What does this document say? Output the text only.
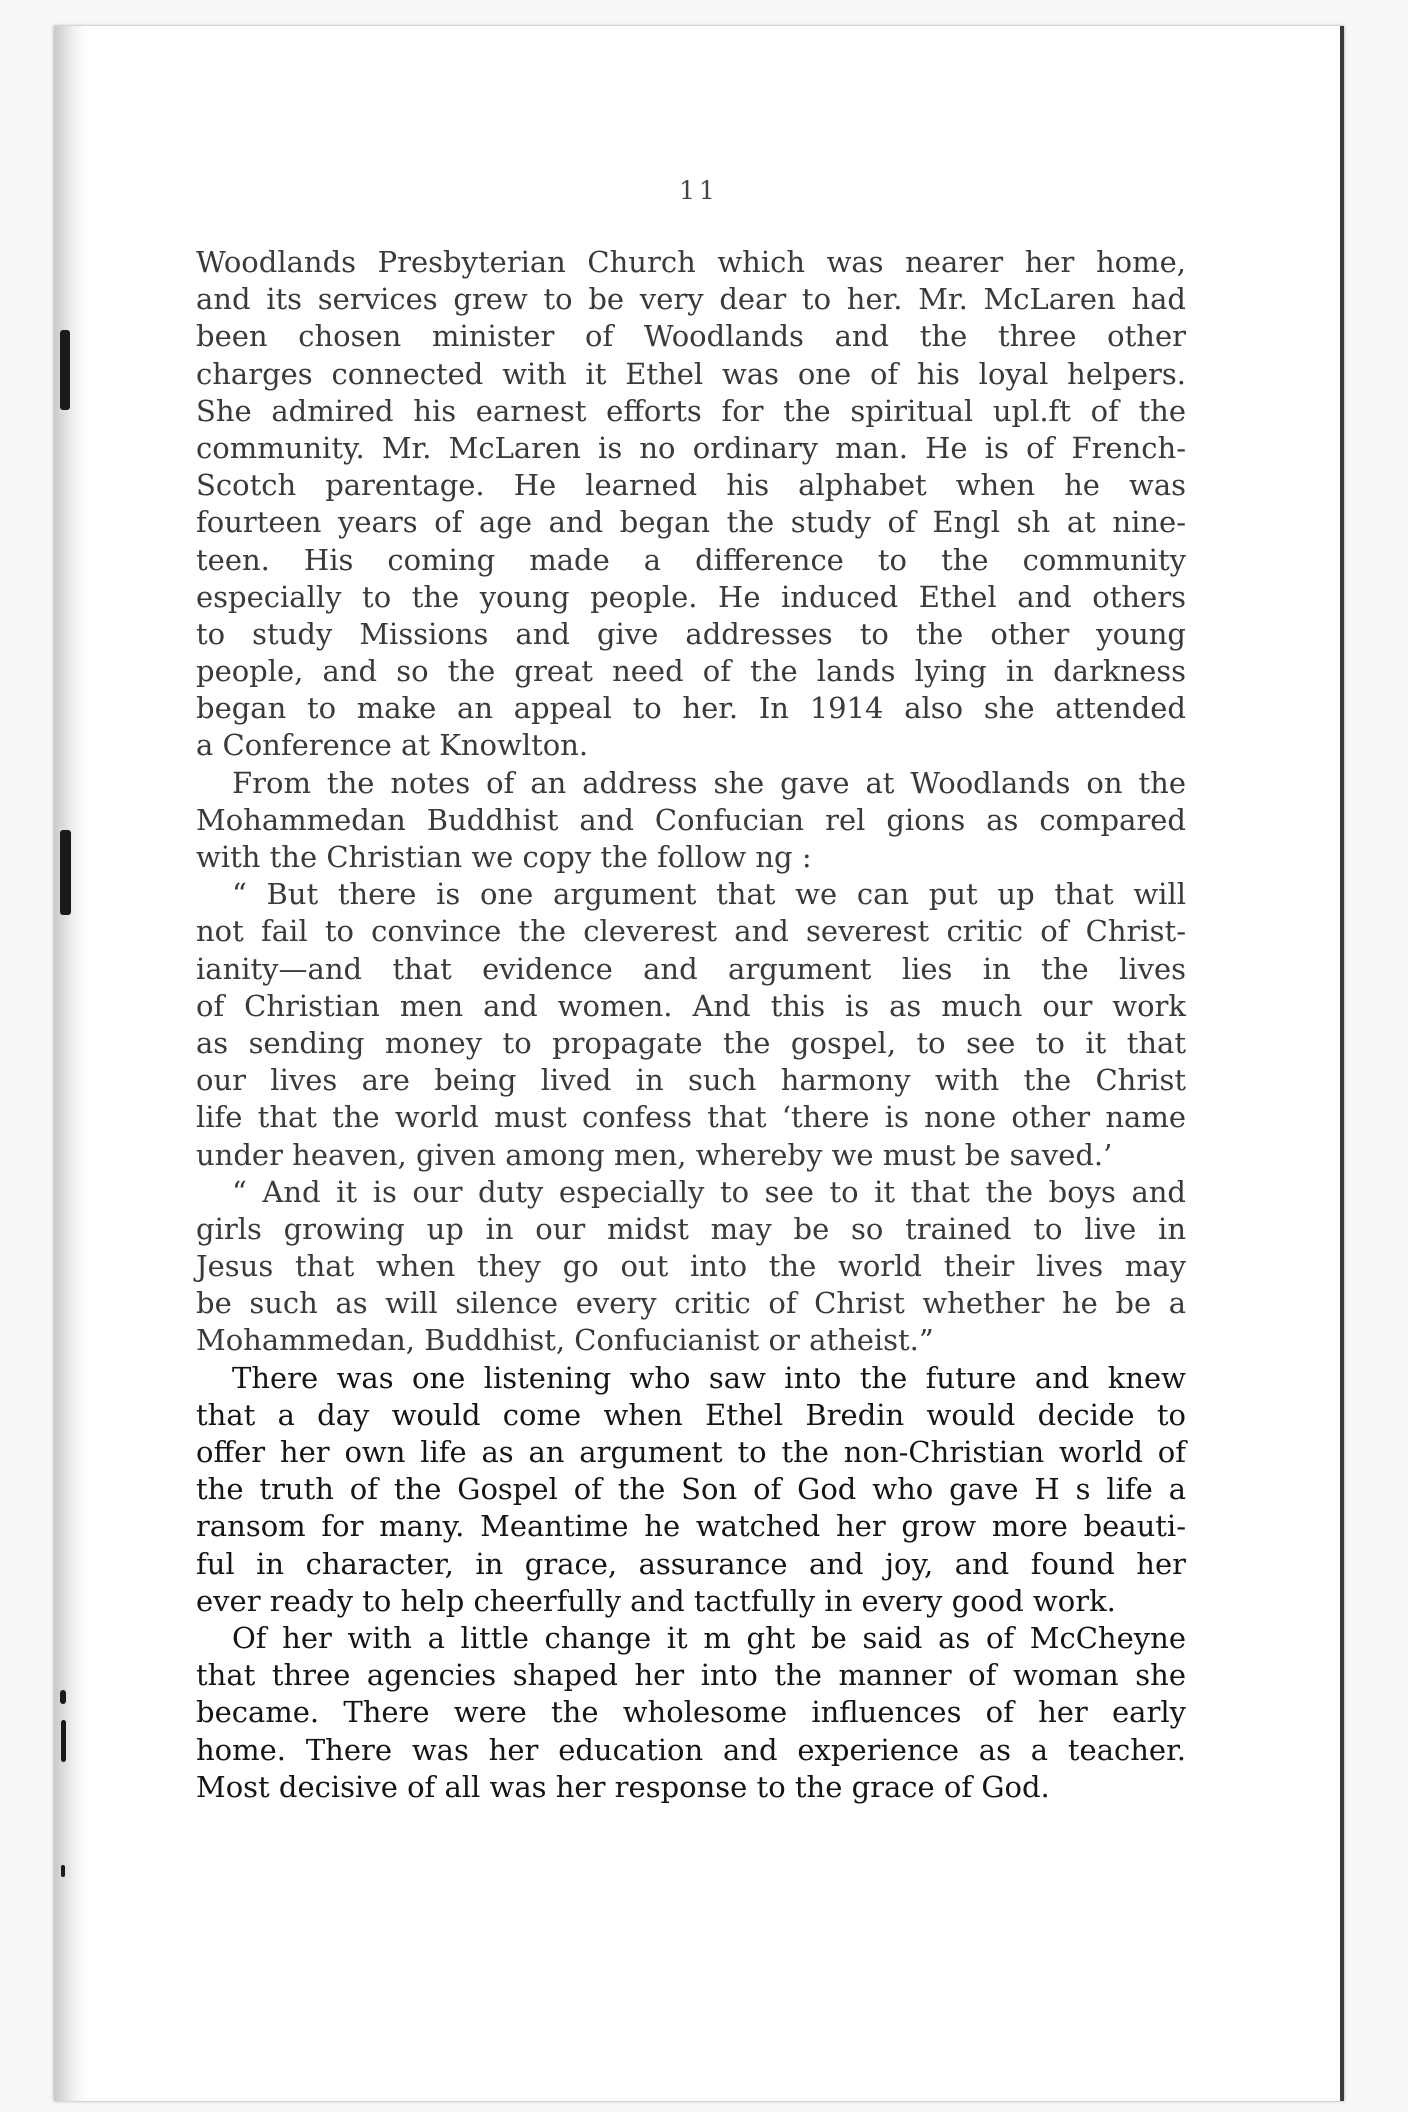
11
Woodlands Presbyterian Church which was nearer her home,
and its services grew to be very dear to her. Mr. McLaren had
been chosen minister of Woodlands and the three other
charges connected with it Ethel was one of his loyal helpers.
She admired his earnest efforts for the spiritual upl.ft of the
community. Mr. McLaren is no ordinary man. He is of French-
Scotch parentage. He learned his alphabet when he was
fourteen years of age and began the study of Engl sh at nine-
teen. His coming made a difference to the community
especially to the young people. He induced Ethel and others
to study Missions and give addresses to the other young
people, and so the great need of the lands lying in darkness
began to make an appeal to her. In 1914 also she attended
a Conference at Knowlton.
From the notes of an address she gave at Woodlands on the
Mohammedan Buddhist and Confucian rel gions as compared
with the Christian we copy the follow ng :
“ But there is one argument that we can put up that will
not fail to convince the cleverest and severest critic of Christ-
ianity—and that evidence and argument lies in the lives
of Christian men and women. And this is as much our work
as sending money to propagate the gospel, to see to it that
our lives are being lived in such harmony with the Christ
life that the world must confess that ‘there is none other name
under heaven, given among men, whereby we must be saved.’
“ And it is our duty especially to see to it that the boys and
girls growing up in our midst may be so trained to live in
Jesus that when they go out into the world their lives may
be such as will silence every critic of Christ whether he be a
Mohammedan, Buddhist, Confucianist or atheist.”
There was one listening who saw into the future and knew
that a day would come when Ethel Bredin would decide to
offer her own life as an argument to the non-Christian world of
the truth of the Gospel of the Son of God who gave H s life a
ransom for many. Meantime he watched her grow more beauti-
ful in character, in grace, assurance and joy, and found her
ever ready to help cheerfully and tactfully in every good work.
Of her with a little change it m ght be said as of McCheyne
that three agencies shaped her into the manner of woman she
became. There were the wholesome influences of her early
home. There was her education and experience as a teacher.
Most decisive of all was her response to the grace of God.
